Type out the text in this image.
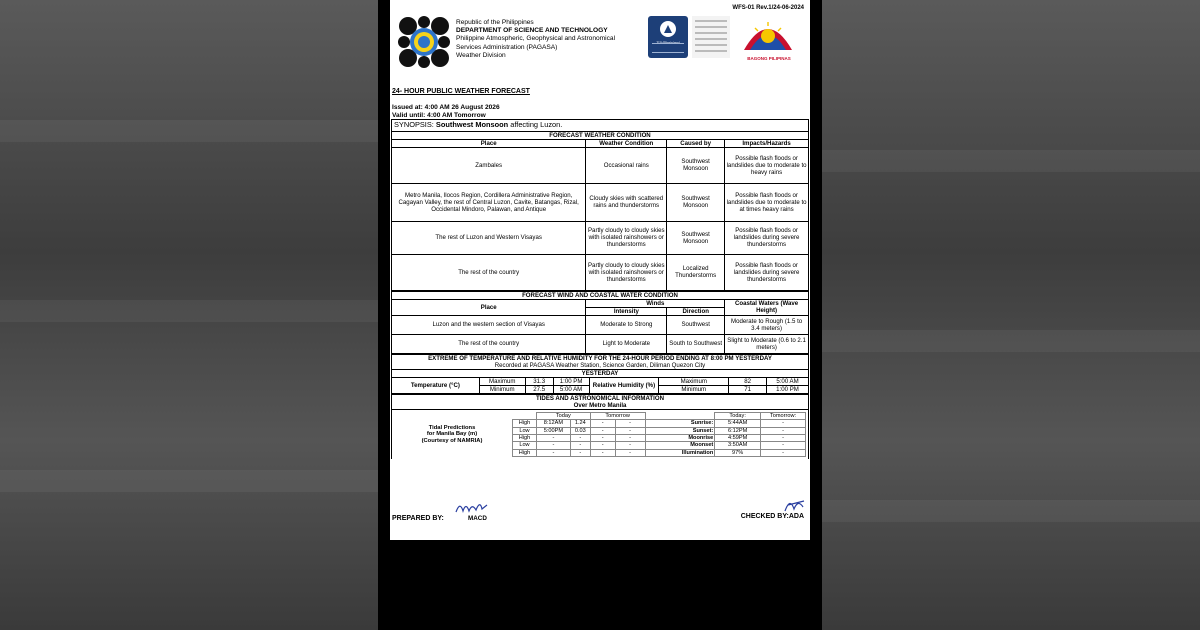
WFS-01 Rev.1/24-06-2024
Republic of the Philippines
DEPARTMENT OF SCIENCE AND TECHNOLOGY
Philippine Atmospheric, Geophysical and Astronomical
Services Administration (PAGASA)
Weather Division
TÜVRheinland
BAGONG PILIPINAS
24- HOUR PUBLIC WEATHER FORECAST
Issued at: 4:00 AM 26 August 2026
Valid until: 4:00 AM Tomorrow
SYNOPSIS: Southwest Monsoon affecting Luzon.			
FORECAST WEATHER CONDITION			
Place	Weather Condition	Caused by	Impacts/Hazards
Zambales	Occasional rains	Southwest Monsoon	Possible flash floods or landslides due to moderate to heavy rains
Metro Manila, Ilocos Region, Cordillera Administrative Region, Cagayan Valley, the rest of Central Luzon, Cavite, Batangas, Rizal, Occidental Mindoro, Palawan, and Antique	Cloudy skies with scattered rains and thunderstorms	Southwest Monsoon	Possible flash floods or landslides due to moderate to at times heavy rains
The rest of Luzon and Western Visayas	Partly cloudy to cloudy skies with isolated rainshowers or thunderstorms	Southwest Monsoon	Possible flash floods or landslides during severe thunderstorms
The rest of the country	Partly cloudy to cloudy skies with isolated rainshowers or thunderstorms	Localized Thunderstorms	Possible flash floods or landslides during severe thunderstorms
FORECAST WIND AND COASTAL WATER CONDITION			
Place	Winds		Coastal Waters (Wave Height)
	Intensity	Direction	
Luzon and the western section of Visayas	Moderate to Strong	Southwest	Moderate to Rough (1.5 to 3.4 meters)
The rest of the country	Light to Moderate	South to Southwest	Slight to Moderate (0.6 to 2.1 meters)
EXTREME OF TEMPERATURE AND RELATIVE HUMIDITY FOR THE 24-HOUR PERIOD ENDING AT 8:00 PM YESTERDAY
Recorded at PAGASA Weather Station, Science Garden, Diliman Quezon City							
YESTERDAY							
Temperature (°C)	Maximum	31.3	1:00 PM	Relative Humidity (%)	Maximum	82	5:00 AM
	Minimum	27.5	5:00 AM		Minimum	71	1:00 PM
TIDES AND ASTRONOMICAL INFORMATION
Over Metro Manila

Tidal Predictions
for Manila Bay (m)
(Courtesy of NAMRIA)

	Today	Tomorrow		Today:	Tomorrow:
High	8:12AM	1.24	-	-	Sunrise:	5:44AM	-
Low	5:00PM	0.03	-	-	Sunset:	6:12PM	-
High	-	-	-	-	Moonrise	4:59PM	-
Low	-	-	-	-	Moonset	3:50AM	-
High	-	-	-	-	Illumination	97%	-
PREPARED BY:	MACD	CHECKED BY:ADA
